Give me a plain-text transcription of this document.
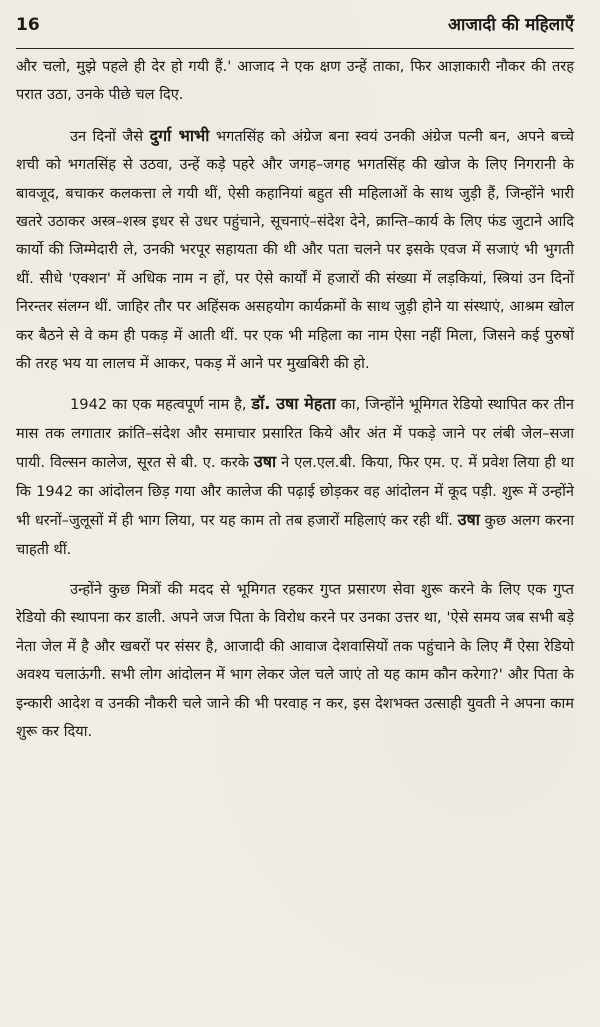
16	आजादी की महिलाएँ

और चलो, मुझे पहले ही देर हो गयी हैं.' आजाद ने एक क्षण उन्हें ताका, फिर आज्ञाकारी नौकर की तरह परात उठा, उनके पीछे चल दिए.

उन दिनों जैसे दुर्गा भाभी भगतसिंह को अंग्रेज बना स्वयं उनकी अंग्रेज पत्नी बन, अपने बच्चे शची को भगतसिंह से उठवा, उन्हें कड़े पहरे और जगह–जगह भगतसिंह की खोज के लिए निगरानी के बावजूद, बचाकर कलकत्ता ले गयी थीं, ऐसी कहानियां बहुत सी महिलाओं के साथ जुड़ी हैं, जिन्होंने भारी खतरे उठाकर अस्त्र–शस्त्र इधर से उधर पहुंचाने, सूचनाएं–संदेश देने, क्रान्ति–कार्य के लिए फंड जुटाने आदि कार्यो की जिम्मेदारी ले, उनकी भरपूर सहायता की थी और पता चलने पर इसके एवज में सजाएं भी भुगती थीं. सीधे 'एक्शन' में अधिक नाम न हों, पर ऐसे कार्यों में हजारों की संख्या में लड़कियां, स्त्रियां उन दिनों निरन्तर संलग्न थीं. जाहिर तौर पर अहिंसक असहयोग कार्यक्रमों के साथ जुड़ी होने या संस्थाएं, आश्रम खोल कर बैठने से वे कम ही पकड़ में आती थीं. पर एक भी महिला का नाम ऐसा नहीं मिला, जिसने कई पुरुषों की तरह भय या लालच में आकर, पकड़ में आने पर मुखबिरी की हो.

1942 का एक महत्वपूर्ण नाम है, डॉ. उषा मेहता का, जिन्होंने भूमिगत रेडियो स्थापित कर तीन मास तक लगातार क्रांति–संदेश और समाचार प्रसारित किये और अंत में पकड़े जाने पर लंबी जेल–सजा पायी. विल्सन कालेज, सूरत से बी. ए. करके उषा ने एल.एल.बी. किया, फिर एम. ए. में प्रवेश लिया ही था कि 1942 का आंदोलन छिड़ गया और कालेज की पढ़ाई छोड़कर वह आंदोलन में कूद पड़ी. शुरू में उन्होंने भी धरनों–जुलूसों में ही भाग लिया, पर यह काम तो तब हजारों महिलाएं कर रही थीं. उषा कुछ अलग करना चाहती थीं.

उन्होंने कुछ मित्रों की मदद से भूमिगत रहकर गुप्त प्रसारण सेवा शुरू करने के लिए एक गुप्त रेडियो की स्थापना कर डाली. अपने जज पिता के विरोध करने पर उनका उत्तर था, 'ऐसे समय जब सभी बड़े नेता जेल में है और खबरों पर संसर है, आजादी की आवाज देशवासियों तक पहुंचाने के लिए मैं ऐसा रेडियो अवश्य चलाऊंगी. सभी लोग आंदोलन में भाग लेकर जेल चले जाएं तो यह काम कौन करेगा?' और पिता के इन्कारी आदेश व उनकी नौकरी चले जाने की भी परवाह न कर, इस देशभक्त उत्साही युवती ने अपना काम शुरू कर दिया.
